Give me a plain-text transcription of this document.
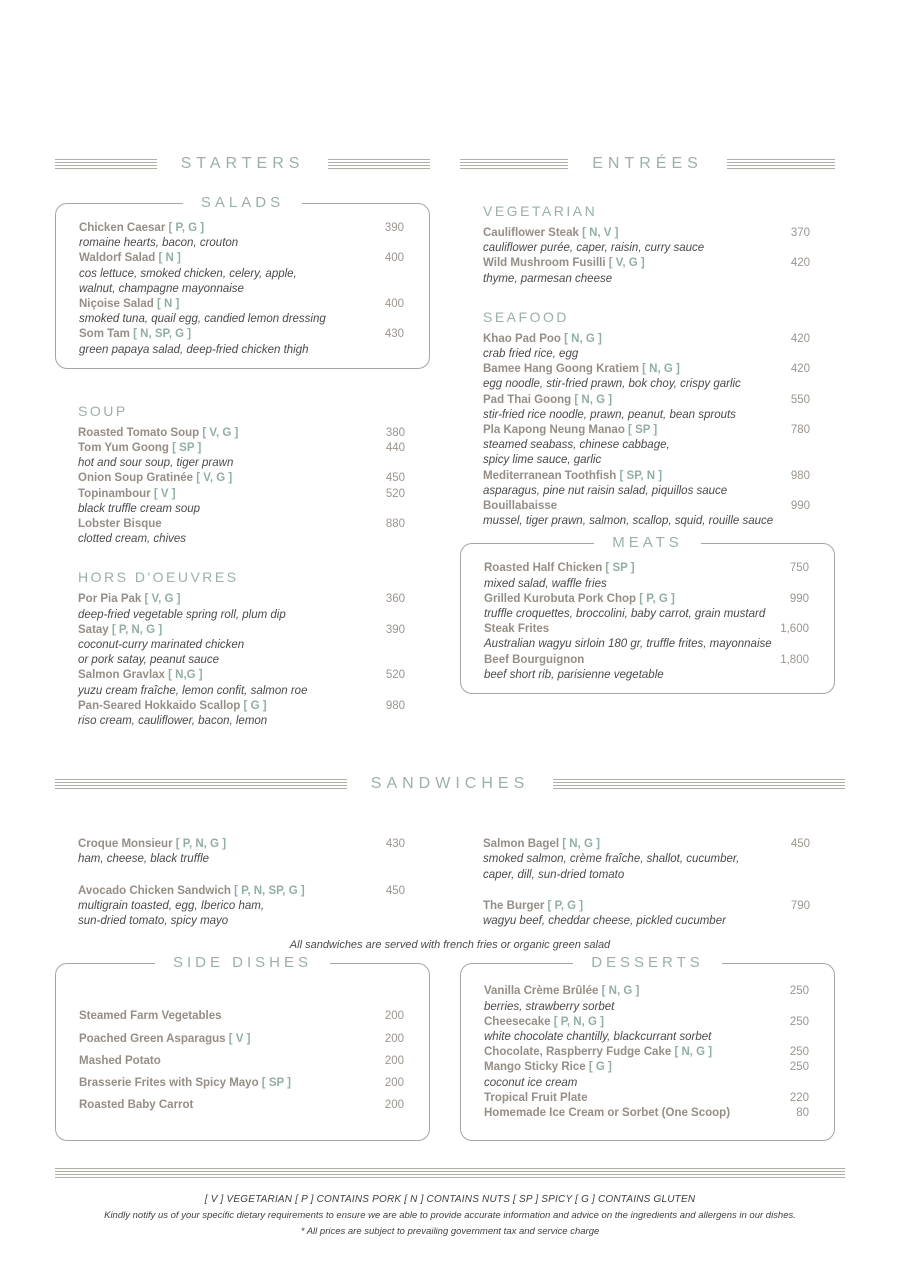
STARTERS
SALADS
Chicken Caesar [ P, G ]	390
romaine hearts, bacon, crouton
Waldorf Salad [ N ]	400
cos lettuce, smoked chicken, celery, apple,
walnut, champagne mayonnaise
Niçoise Salad [ N ]	400
smoked tuna, quail egg, candied lemon dressing
Som Tam [ N, SP, G ]	430
green papaya salad, deep-fried chicken thigh
SOUP
Roasted Tomato Soup [ V, G ]	380
Tom Yum Goong [ SP ]	440
hot and sour soup, tiger prawn
Onion Soup Gratinée [ V, G ]	450
Topinambour [ V ]	520
black truffle cream soup
Lobster Bisque	880
clotted cream, chives
HORS D'OEUVRES
Por Pia Pak [ V, G ]	360
deep-fried vegetable spring roll, plum dip
Satay [ P, N, G ]	390
coconut-curry marinated chicken
or pork satay, peanut sauce
Salmon Gravlax [ N,G ]	520
yuzu cream fraîche, lemon confit, salmon roe
Pan-Seared Hokkaido Scallop [ G ]	980
riso cream, cauliflower, bacon, lemon
ENTRÉES
VEGETARIAN
Cauliflower Steak [ N, V ]	370
cauliflower purée, caper, raisin, curry sauce
Wild Mushroom Fusilli [ V, G ]	420
thyme, parmesan cheese
SEAFOOD
Khao Pad Poo [ N, G ]	420
crab fried rice, egg
Bamee Hang Goong Kratiem [ N, G ]	420
egg noodle, stir-fried prawn, bok choy, crispy garlic
Pad Thai Goong [ N, G ]	550
stir-fried rice noodle, prawn, peanut, bean sprouts
Pla Kapong Neung Manao [ SP ]	780
steamed seabass, chinese cabbage,
spicy lime sauce, garlic
Mediterranean Toothfish [ SP, N ]	980
asparagus, pine nut raisin salad, piquillos sauce
Bouillabaisse	990
mussel, tiger prawn, salmon, scallop, squid, rouille sauce
MEATS
Roasted Half Chicken [ SP ]	750
mixed salad, waffle fries
Grilled Kurobuta Pork Chop [ P, G ]	990
truffle croquettes, broccolini, baby carrot, grain mustard
Steak Frites	1,600
Australian wagyu sirloin 180 gr, truffle frites, mayonnaise
Beef Bourguignon	1,800
beef short rib, parisienne vegetable
SANDWICHES
Croque Monsieur [ P, N, G ]	430
ham, cheese, black truffle
Avocado Chicken Sandwich [ P, N, SP, G ]	450
multigrain toasted, egg, Iberico ham,
sun-dried tomato, spicy mayo
Salmon Bagel [ N, G ]	450
smoked salmon, crème fraîche, shallot, cucumber,
caper, dill, sun-dried tomato
The Burger [ P, G ]	790
wagyu beef, cheddar cheese, pickled cucumber
All sandwiches are served with french fries or organic green salad
SIDE DISHES
Steamed Farm Vegetables	200
Poached Green Asparagus [ V ]	200
Mashed Potato	200
Brasserie Frites with Spicy Mayo [ SP ]	200
Roasted Baby Carrot	200
DESSERTS
Vanilla Crème Brûlée [ N, G ]	250
berries, strawberry sorbet
Cheesecake [ P, N, G ]	250
white chocolate chantilly, blackcurrant sorbet
Chocolate, Raspberry Fudge Cake [ N, G ]	250
Mango Sticky Rice [ G ]	250
coconut ice cream
Tropical Fruit Plate	220
Homemade Ice Cream or Sorbet (One Scoop)	80
[ V ] VEGETARIAN [ P ] CONTAINS PORK [ N ] CONTAINS NUTS [ SP ] SPICY [ G ] CONTAINS GLUTEN
Kindly notify us of your specific dietary requirements to ensure we are able to provide accurate information and advice on the ingredients and allergens in our dishes.
* All prices are subject to prevailing government tax and service charge
